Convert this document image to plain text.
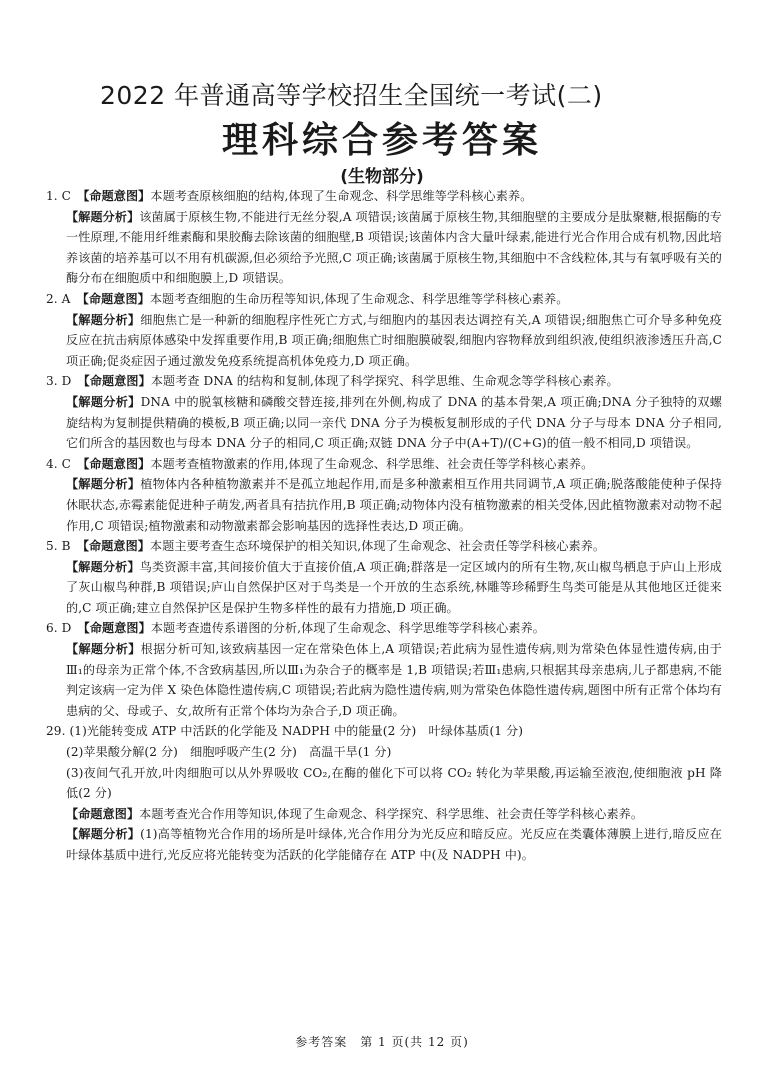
2022 年普通高等学校招生全国统一考试(二)
理科综合参考答案
(生物部分)

1. C　 【命题意图】本题考查原核细胞的结构,体现了生命观念、科学思维等学科核心素养。

【解题分析】该菌属于原核生物,不能进行无丝分裂,A 项错误;该菌属于原核生物,其细胞壁的主要成分是肽聚糖,根据酶的专一性原理,不能用纤维素酶和果胶酶去除该菌的细胞壁,B 项错误;该菌体内含大量叶绿素,能进行光合作用合成有机物,因此培养该菌的培养基可以不用有机碳源,但必须给予光照,C 项正确;该菌属于原核生物,其细胞中不含线粒体,其与有氧呼吸有关的酶分布在细胞质中和细胞膜上,D 项错误。

2. A　 【命题意图】本题考查细胞的生命历程等知识,体现了生命观念、科学思维等学科核心素养。

【解题分析】细胞焦亡是一种新的细胞程序性死亡方式,与细胞内的基因表达调控有关,A 项错误;细胞焦亡可介导多种免疫反应在抗击病原体感染中发挥重要作用,B 项正确;细胞焦亡时细胞膜破裂,细胞内容物释放到组织液,使组织液渗透压升高,C 项正确;促炎症因子通过激发免疫系统提高机体免疫力,D 项正确。

3. D　 【命题意图】本题考查 DNA 的结构和复制,体现了科学探究、科学思维、生命观念等学科核心素养。

【解题分析】DNA 中的脱氧核糖和磷酸交替连接,排列在外侧,构成了 DNA 的基本骨架,A 项正确;DNA 分子独特的双螺旋结构为复制提供精确的模板,B 项正确;以同一亲代 DNA 分子为模板复制形成的子代 DNA 分子与母本 DNA 分子相同,它们所含的基因数也与母本 DNA 分子的相同,C 项正确;双链 DNA 分子中(A+T)/(C+G)的值一般不相同,D 项错误。

4. C　 【命题意图】本题考查植物激素的作用,体现了生命观念、科学思维、社会责任等学科核心素养。

【解题分析】植物体内各种植物激素并不是孤立地起作用,而是多种激素相互作用共同调节,A 项正确;脱落酸能使种子保持休眠状态,赤霉素能促进种子萌发,两者具有拮抗作用,B 项正确;动物体内没有植物激素的相关受体,因此植物激素对动物不起作用,C 项错误;植物激素和动物激素都会影响基因的选择性表达,D 项正确。

5. B　 【命题意图】本题主要考查生态环境保护的相关知识,体现了生命观念、社会责任等学科核心素养。

【解题分析】鸟类资源丰富,其间接价值大于直接价值,A 项正确;群落是一定区域内的所有生物,灰山椒鸟栖息于庐山上形成了灰山椒鸟种群,B 项错误;庐山自然保护区对于鸟类是一个开放的生态系统,林雕等珍稀野生鸟类可能是从其他地区迁徙来的,C 项正确;建立自然保护区是保护生物多样性的最有力措施,D 项正确。

6. D　 【命题意图】本题考查遗传系谱图的分析,体现了生命观念、科学思维等学科核心素养。

【解题分析】根据分析可知,该致病基因一定在常染色体上,A 项错误;若此病为显性遗传病,则为常染色体显性遗传病,由于Ⅲ₁的母亲为正常个体,不含致病基因,所以Ⅲ₁为杂合子的概率是 1,B 项错误;若Ⅲ₁患病,只根据其母亲患病,儿子都患病,不能判定该病一定为伴 X 染色体隐性遗传病,C 项错误;若此病为隐性遗传病,则为常染色体隐性遗传病,题图中所有正常个体均有患病的父、母或子、女,故所有正常个体均为杂合子,D 项正确。

29. (1)光能转变成 ATP 中活跃的化学能及 NADPH 中的能量(2 分)　叶绿体基质(1 分)

(2)苹果酸分解(2 分)　细胞呼吸产生(2 分)　高温干旱(1 分)

(3)夜间气孔开放,叶肉细胞可以从外界吸收 CO₂,在酶的催化下可以将 CO₂ 转化为苹果酸,再运输至液泡,使细胞液 pH 降低(2 分)

【命题意图】本题考查光合作用等知识,体现了生命观念、科学探究、科学思维、社会责任等学科核心素养。

【解题分析】(1)高等植物光合作用的场所是叶绿体,光合作用分为光反应和暗反应。光反应在类囊体薄膜上进行,暗反应在叶绿体基质中进行,光反应将光能转变为活跃的化学能储存在 ATP 中(及 NADPH 中)。

参考答案　第 1 页(共 12 页)
